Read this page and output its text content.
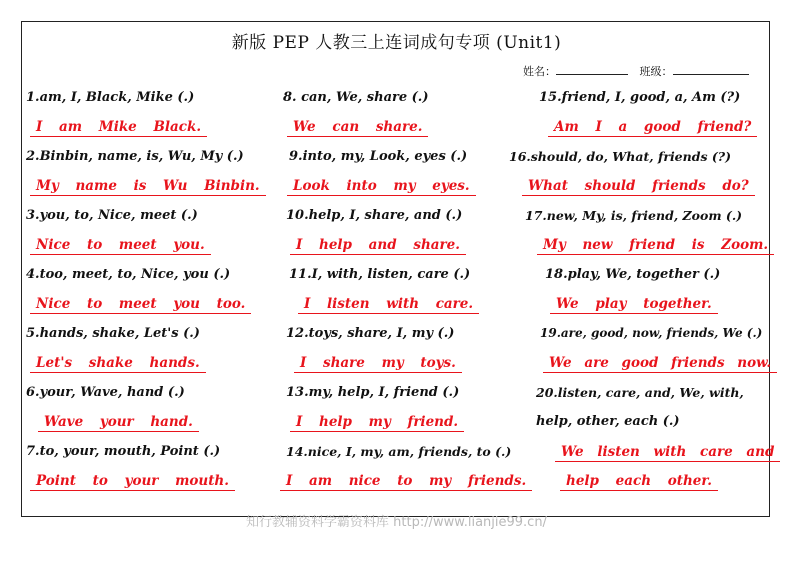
新版 PEP 人教三上连词成句专项 (Unit1)
姓名：	班级：
1.am, I, Black, Mike (.)
I am Mike Black.
2.Binbin, name, is, Wu, My (.)
My name is Wu Binbin.
3.you, to, Nice, meet (.)
Nice to meet you.
4.too, meet, to, Nice, you (.)
Nice to meet you too.
5.hands, shake, Let's (.)
Let's shake hands.
6.your, Wave, hand (.)
Wave your hand.
7.to, your, mouth, Point (.)
Point to your mouth.
8. can, We, share (.)
We can share.
9.into, my, Look, eyes (.)
Look into my eyes.
10.help, I, share, and (.)
I help and share.
11.I, with, listen, care (.)
I listen with care.
12.toys, share, I, my (.)
I share my toys.
13.my, help, I, friend (.)
I help my friend.
14.nice, I, my, am, friends, to (.)
I am nice to my friends.
15.friend, I, good, a, Am (?)
Am I a good friend?
16.should, do, What, friends (?)
What should friends do?
17.new, My, is, friend, Zoom (.)
My new friend is Zoom.
18.play, We, together (.)
We play together.
19.are, good, now, friends, We (.)
We are good friends now.
20.listen, care, and, We, with,
help, other, each (.)
We listen with care and
help each other.
知行教辅资料学霸资料库 http://www.lianjie99.cn/
